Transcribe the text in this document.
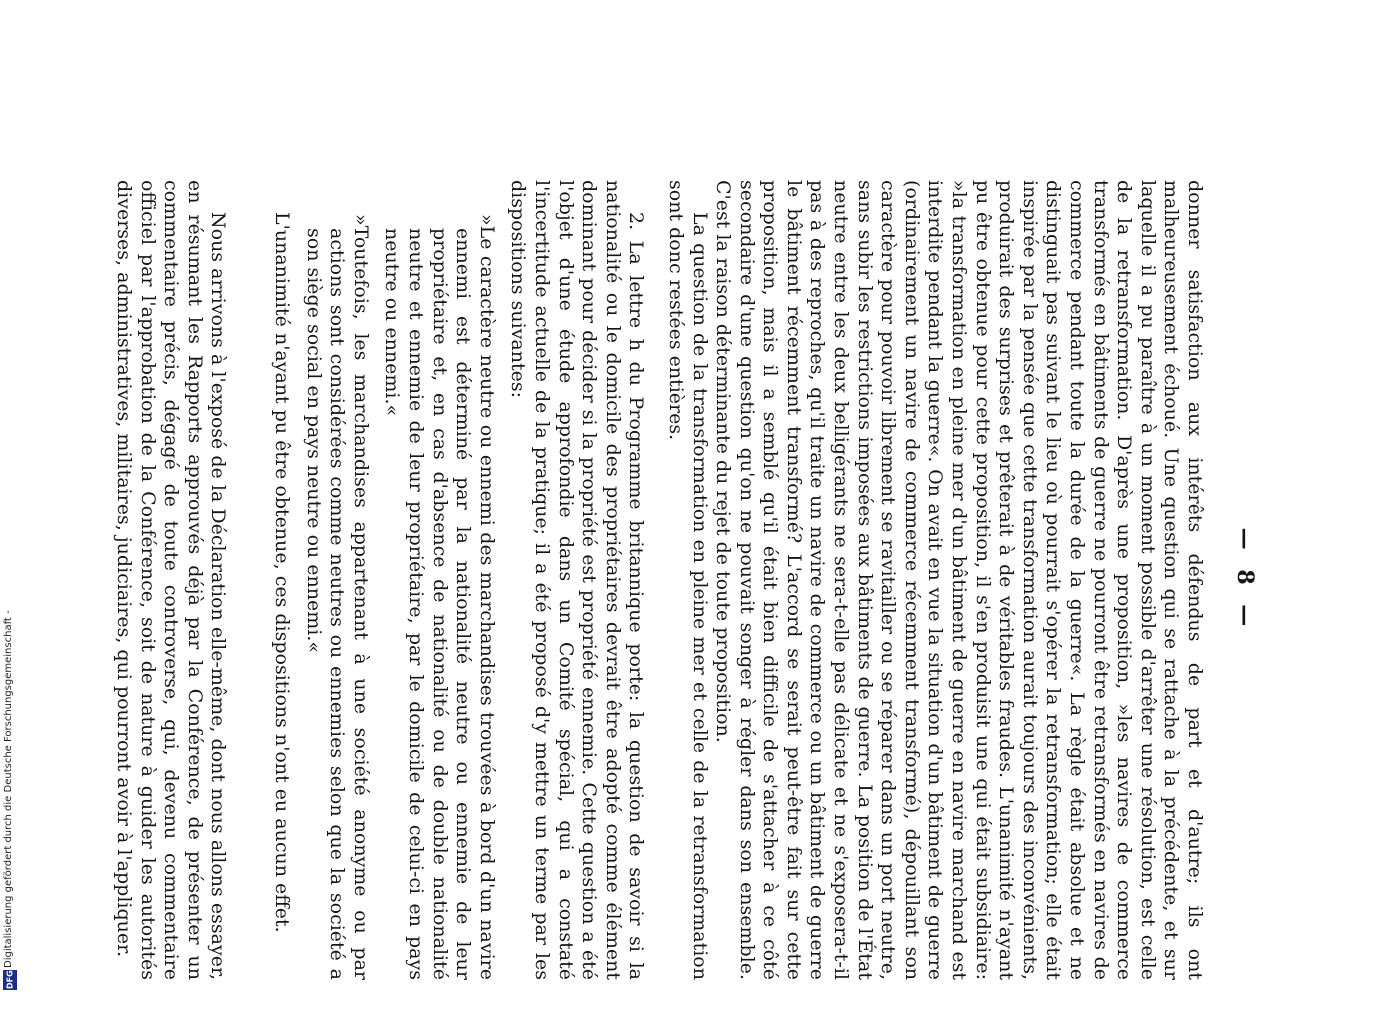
— 8 —

donner satisfaction aux intérêts défendus de part et d'autre; ils ont malheureusement échoué. Une question qui se rattache à la précédente, et sur laquelle il a pu paraître à un moment possible d'arrêter une résolution, est celle de la retransformation. D'après une proposition, »les navires de commerce transformés en bâtiments de guerre ne pourront être retransformés en navires de commerce pendant toute la durée de la guerre«. La règle était absolue et ne distinguait pas suivant le lieu où pourrait s'opérer la retransformation; elle était inspirée par la pensée que cette transformation aurait toujours des inconvénients, produirait des surprises et prêterait à de véritables fraudes. L'unanimité n'ayant pu être obtenue pour cette proposition, il s'en produisit une qui était subsidiaire: »la transformation en pleine mer d'un bâtiment de guerre en navire marchand est interdite pendant la guerre«. On avait en vue la situation d'un bâtiment de guerre (ordinairement un navire de commerce récemment transformé), dépouillant son caractère pour pouvoir librement se ravitailler ou se réparer dans un port neutre, sans subir les restrictions imposées aux bâtiments de guerre. La position de l'État neutre entre les deux belligérants ne sera-t-elle pas délicate et ne s'exposera-t-il pas à des reproches, qu'il traite un navire de commerce ou un bâtiment de guerre le bâtiment récemment transformé? L'accord se serait peut-être fait sur cette proposition, mais il a semblé qu'il était bien difficile de s'attacher à ce côté secondaire d'une question qu'on ne pouvait songer à régler dans son ensemble. C'est la raison déterminante du rejet de toute proposition.

La question de la transformation en pleine mer et celle de la retransformation sont donc restées entières.

2. La lettre h du Programme britannique porte: la question de savoir si la nationalité ou le domicile des propriétaires devrait être adopté comme élément dominant pour décider si la propriété est propriété ennemie. Cette question a été l'objet d'une étude approfondie dans un Comité spécial, qui a constaté l'incertitude actuelle de la pratique; il a été proposé d'y mettre un terme par les dispositions suivantes:

»Le caractère neutre ou ennemi des marchandises trouvées à bord d'un navire ennemi est déterminé par la nationalité neutre ou ennemie de leur propriétaire et, en cas d'absence de nationalité ou de double nationalité neutre et ennemie de leur propriétaire, par le domicile de celui-ci en pays neutre ou ennemi.«

»Toutefois, les marchandises appartenant à une société anonyme ou par actions sont considérées comme neutres ou ennemies selon que la société a son siège social en pays neutre ou ennemi.«

L'unanimité n'ayant pu être obtenue, ces dispositions n'ont eu aucun effet.

Nous arrivons à l'exposé de la Déclaration elle-même, dont nous allons essayer, en résumant les Rapports approuvés déjà par la Conférence, de présenter un commentaire précis, dégagé de toute controverse, qui, devenu commentaire officiel par l'approbation de la Conférence, soit de nature à guider les autorités diverses, administratives, militaires, judiciaires, qui pourront avoir à l'appliquer.

Digitalisierung gefördert durch die Deutsche Forschungsgemeinschaft -
DFG
